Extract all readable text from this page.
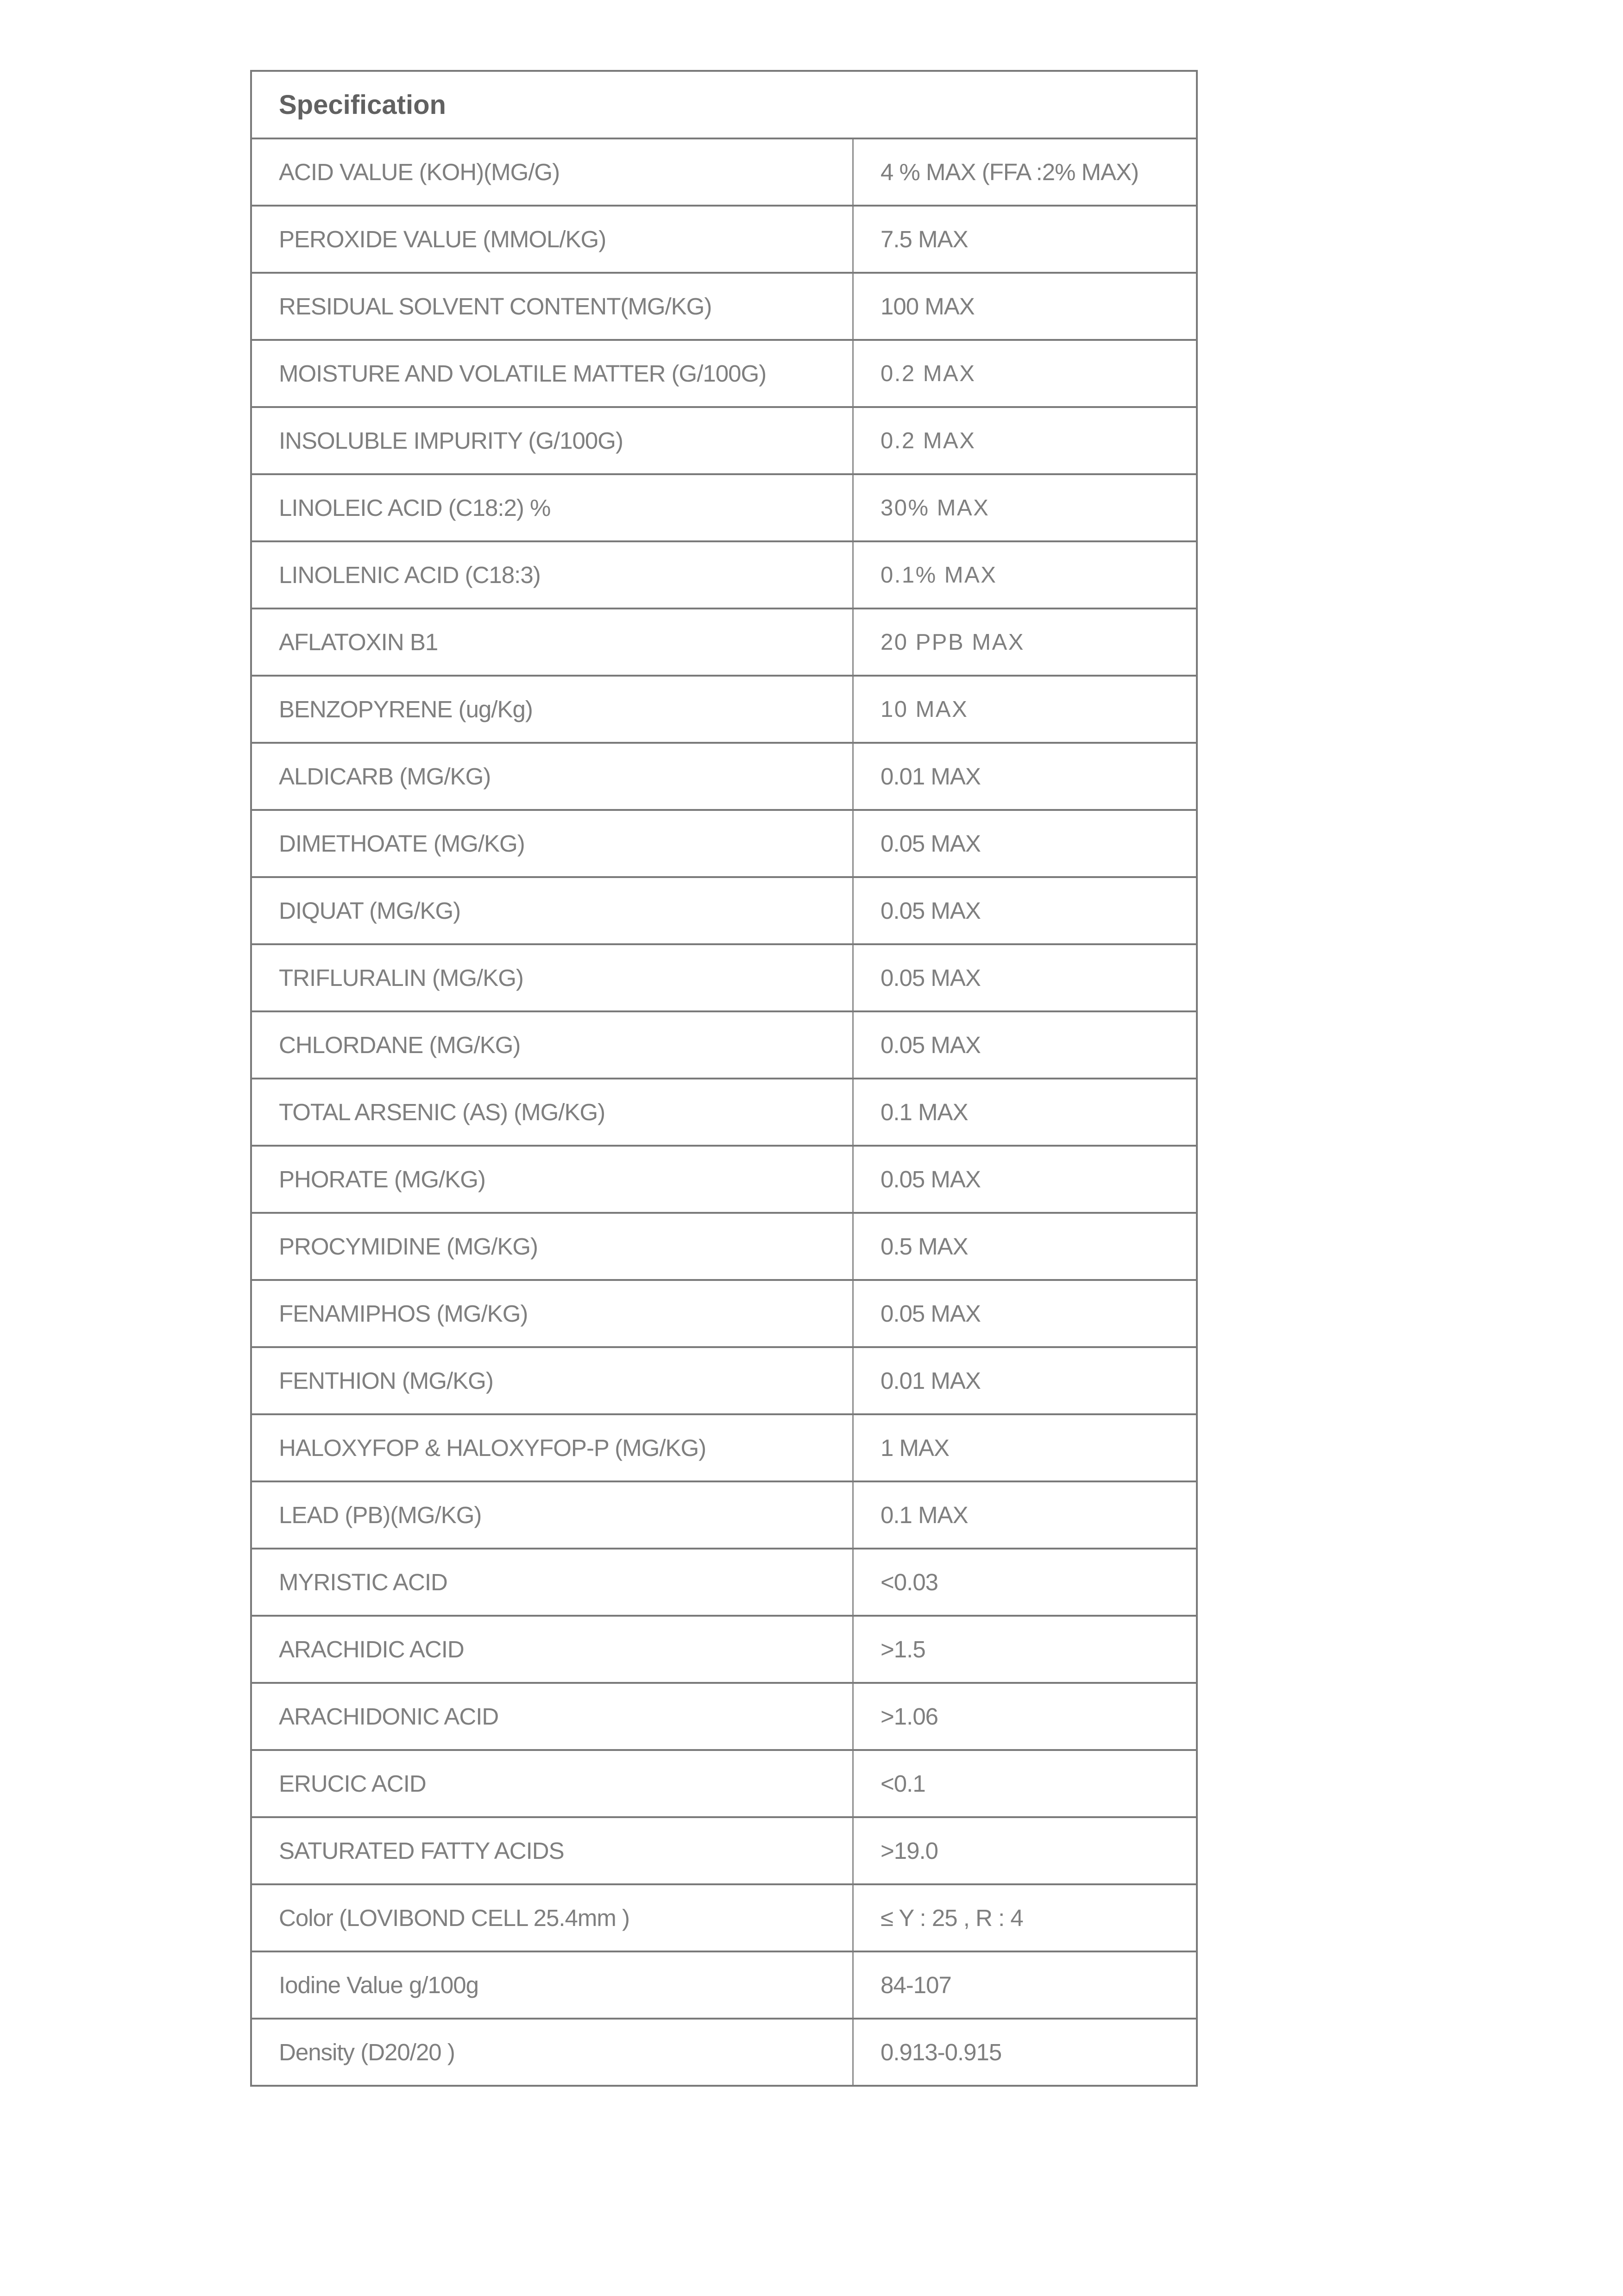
Specification
ACID VALUE (KOH)(MG/G)	4 % MAX (FFA :2% MAX)
PEROXIDE VALUE (MMOL/KG)	7.5 MAX
RESIDUAL SOLVENT CONTENT(MG/KG)	100 MAX
MOISTURE AND VOLATILE MATTER (G/100G)	0.2 MAX
INSOLUBLE IMPURITY (G/100G)	0.2 MAX
LINOLEIC ACID (C18:2) %	30% MAX
LINOLENIC ACID (C18:3)	0.1% MAX
AFLATOXIN B1	20 PPB MAX
BENZOPYRENE (ug/Kg)	10 MAX
ALDICARB (MG/KG)	0.01 MAX
DIMETHOATE (MG/KG)	0.05 MAX
DIQUAT (MG/KG)	0.05 MAX
TRIFLURALIN (MG/KG)	0.05 MAX
CHLORDANE (MG/KG)	0.05 MAX
TOTAL ARSENIC (AS) (MG/KG)	0.1 MAX
PHORATE (MG/KG)	0.05 MAX
PROCYMIDINE (MG/KG)	0.5 MAX
FENAMIPHOS (MG/KG)	0.05 MAX
FENTHION (MG/KG)	0.01 MAX
HALOXYFOP & HALOXYFOP-P (MG/KG)	1 MAX
LEAD (PB)(MG/KG)	0.1 MAX
MYRISTIC ACID	<0.03
ARACHIDIC ACID	>1.5
ARACHIDONIC ACID	>1.06
ERUCIC ACID	<0.1
SATURATED FATTY ACIDS	>19.0
Color (LOVIBOND CELL 25.4mm )	≤ Y : 25 , R : 4
Iodine Value g/100g	84-107
Density (D20/20 )	0.913-0.915
